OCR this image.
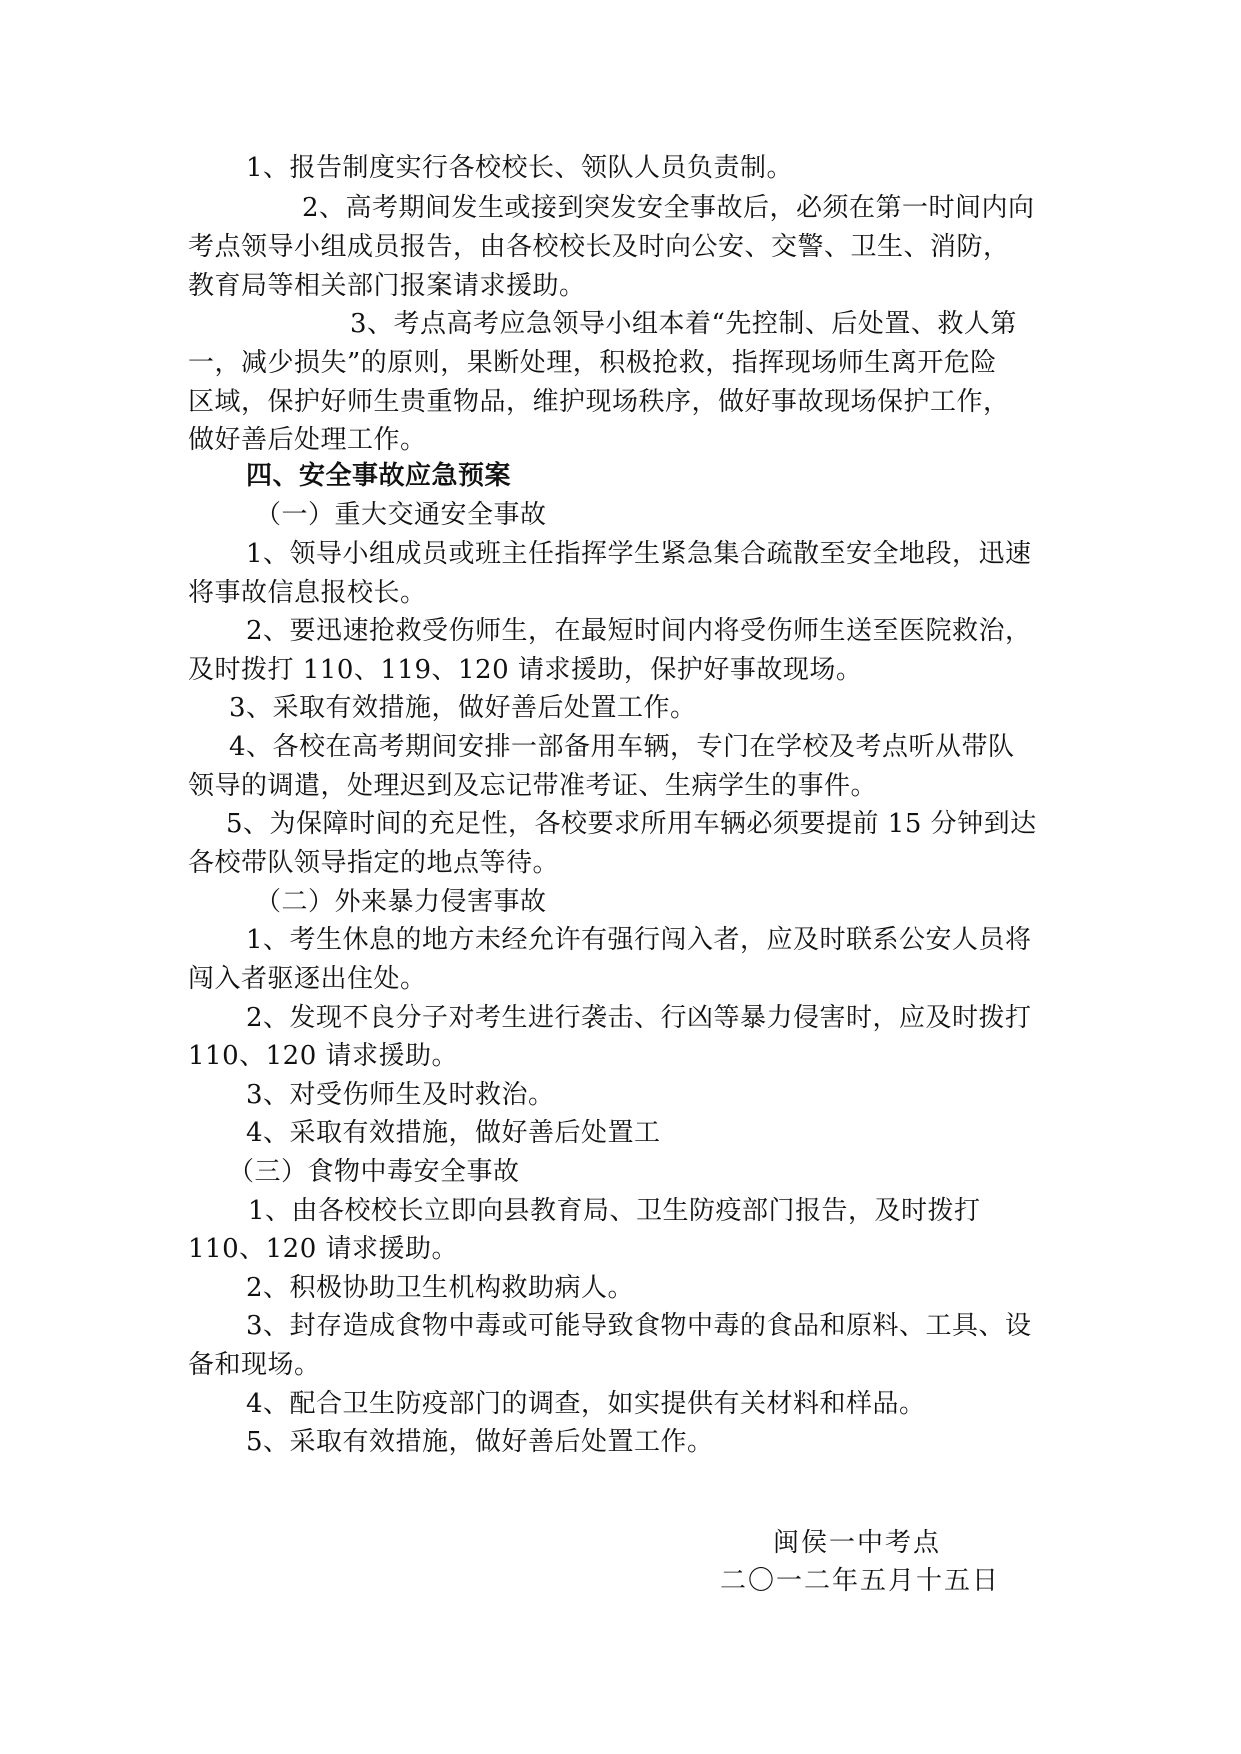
1、报告制度实行各校校长、领队人员负责制。
2、高考期间发生或接到突发安全事故后，必须在第一时间内向
考点领导小组成员报告，由各校校长及时向公安、交警、卫生、消防，
教育局等相关部门报案请求援助。
3、考点高考应急领导小组本着“先控制、后处置、救人第
一，减少损失”的原则，果断处理，积极抢救，指挥现场师生离开危险
区域，保护好师生贵重物品，维护现场秩序，做好事故现场保护工作，
做好善后处理工作。
四、安全事故应急预案
（一）重大交通安全事故
1、领导小组成员或班主任指挥学生紧急集合疏散至安全地段，迅速
将事故信息报校长。
2、要迅速抢救受伤师生，在最短时间内将受伤师生送至医院救治，
及时拨打 110、119、120 请求援助，保护好事故现场。
3、采取有效措施，做好善后处置工作。
4、各校在高考期间安排一部备用车辆，专门在学校及考点听从带队
领导的调遣，处理迟到及忘记带准考证、生病学生的事件。
5、为保障时间的充足性，各校要求所用车辆必须要提前 15 分钟到达
各校带队领导指定的地点等待。
（二）外来暴力侵害事故
1、考生休息的地方未经允许有强行闯入者，应及时联系公安人员将
闯入者驱逐出住处。
2、发现不良分子对考生进行袭击、行凶等暴力侵害时，应及时拨打
110、120 请求援助。
3、对受伤师生及时救治。
4、采取有效措施，做好善后处置工
（三）食物中毒安全事故
1、由各校校长立即向县教育局、卫生防疫部门报告，及时拨打
110、120 请求援助。
2、积极协助卫生机构救助病人。
3、封存造成食物中毒或可能导致食物中毒的食品和原料、工具、设
备和现场。
4、配合卫生防疫部门的调查，如实提供有关材料和样品。
5、采取有效措施，做好善后处置工作。
闽侯一中考点
二〇一二年五月十五日
